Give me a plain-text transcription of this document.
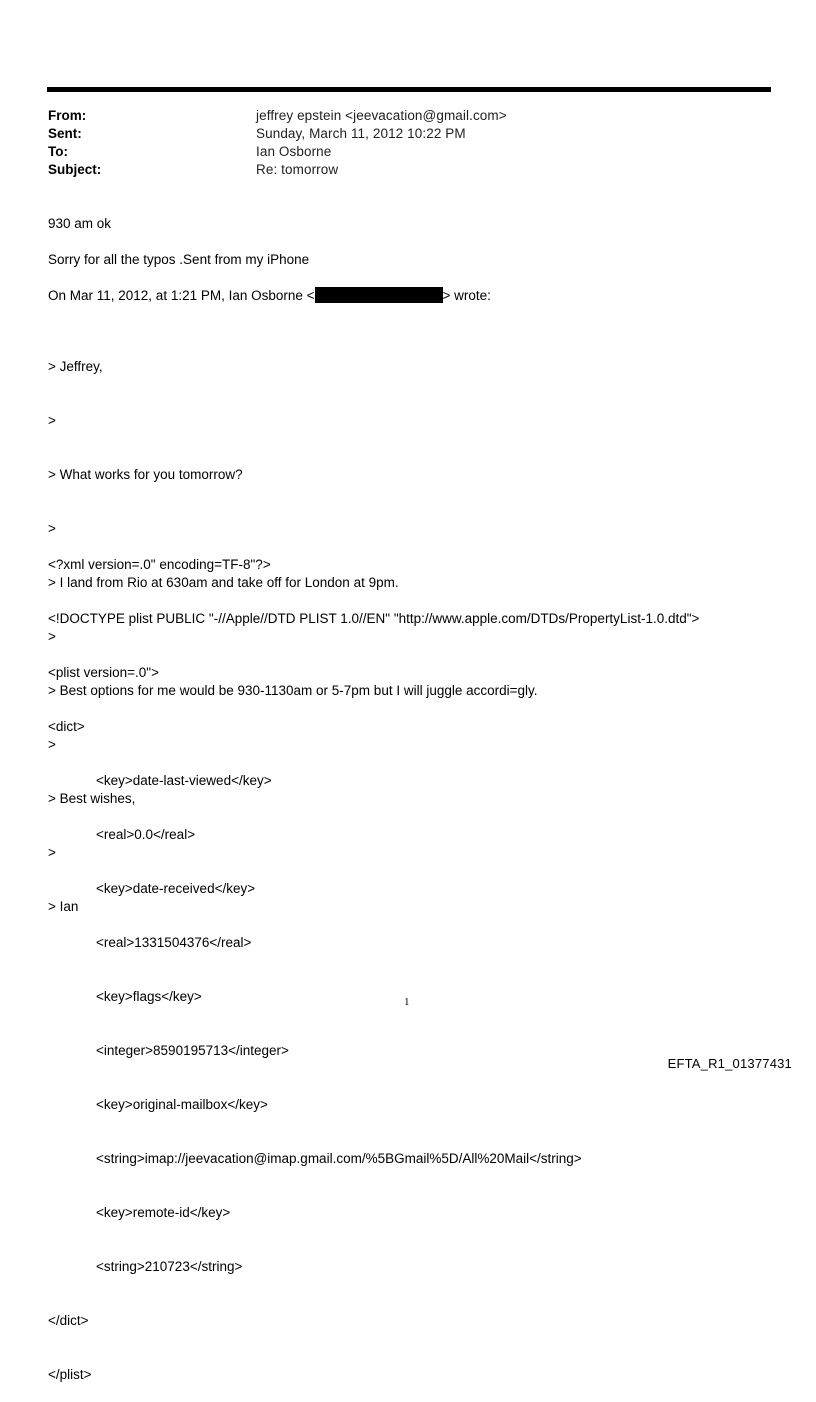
From:	jeffrey epstein <jeevacation@gmail.com>
Sent:	Sunday, March 11, 2012 10:22 PM
To:	Ian Osborne
Subject:	Re: tomorrow
930 am ok
Sorry for all the typos .Sent from my iPhone
On Mar 11, 2012, at 1:21 PM, Ian Osborne <	> wrote:

> Jeffrey,

>

> What works for you tomorrow?

>

> I land from Rio at 630am and take off for London at 9pm.

>

> Best options for me would be 930-1130am or 5-7pm but I will juggle accordi=gly.

>

> Best wishes,

>

> Ian

<?xml version=.0" encoding=TF-8"?>

<!DOCTYPE plist PUBLIC "-//Apple//DTD PLIST 1.0//EN" "http://www.apple.com/DTDs/PropertyList-1.0.dtd">

<plist version=.0">

<dict>

<key>date-last-viewed</key>

<real>0.0</real>

<key>date-received</key>

<real>1331504376</real>

<key>flags</key>

<integer>8590195713</integer>

<key>original-mailbox</key>

<string>imap://jeevacation@imap.gmail.com/%5BGmail%5D/All%20Mail</string>

<key>remote-id</key>

<string>210723</string>

</dict>

</plist>

1
EFTA_R1_01377431
